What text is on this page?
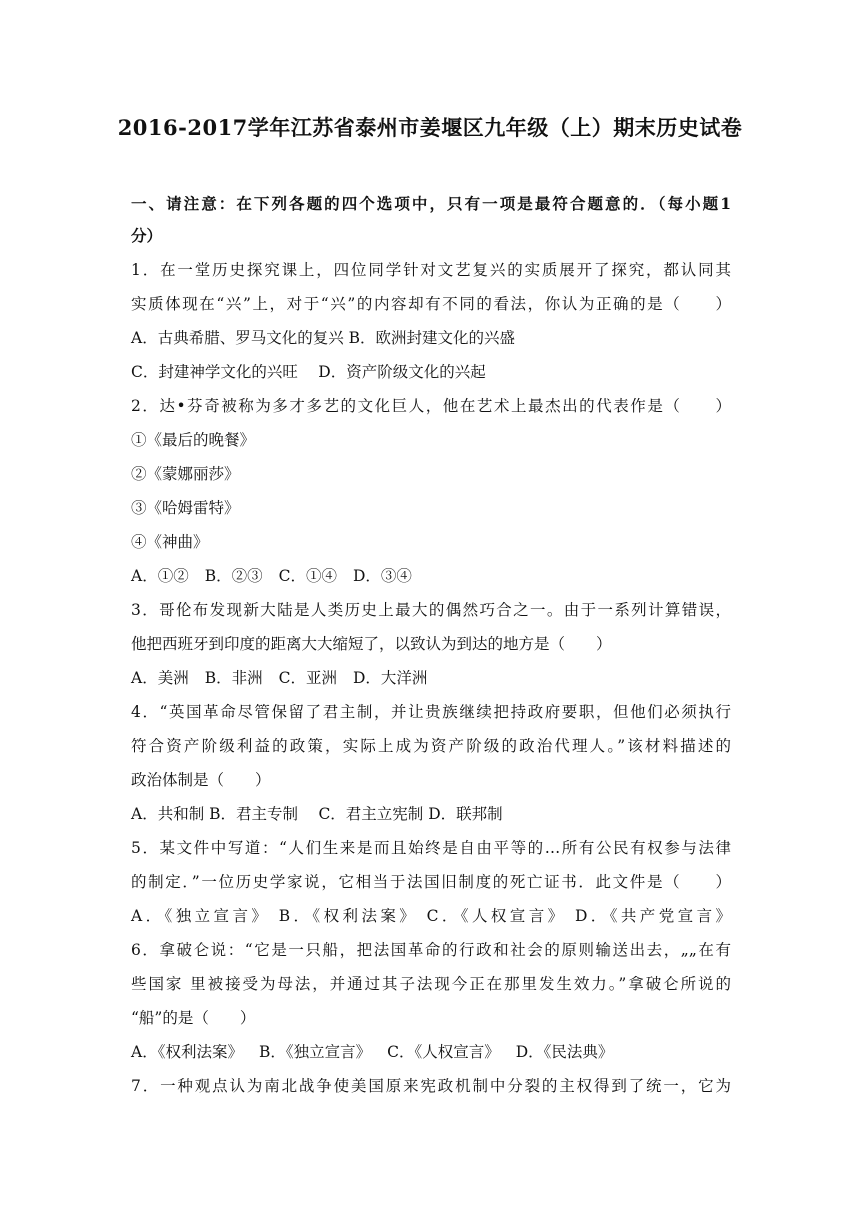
2016-2017学年江苏省泰州市姜堰区九年级（上）期末历史试卷
一、请注意：在下列各题的四个选项中，只有一项是最符合题意的．（每小题1
分）
1．在一堂历史探究课上，四位同学针对文艺复兴的实质展开了探究，都认同其
实质体现在“兴”上，对于“兴”的内容却有不同的看法，你认为正确的是（　　）
A．古典希腊、罗马文化的复兴 B．欧洲封建文化的兴盛
C．封建神学文化的兴旺　 D．资产阶级文化的兴起
2．达•芬奇被称为多才多艺的文化巨人，他在艺术上最杰出的代表作是（　　）
①《最后的晚餐》
②《蒙娜丽莎》
③《哈姆雷特》
④《神曲》
A．①② B．②③ C．①④ D．③④
3．哥伦布发现新大陆是人类历史上最大的偶然巧合之一。由于一系列计算错误，
他把西班牙到印度的距离大大缩短了，以致认为到达的地方是（　　）
A．美洲 B．非洲 C．亚洲 D．大洋洲
4．“英国革命尽管保留了君主制，并让贵族继续把持政府要职，但他们必须执行
符合资产阶级利益的政策，实际上成为资产阶级的政治代理人。”该材料描述的
政治体制是（　　）
A．共和制 B．君主专制　 C．君主立宪制 D．联邦制
5．某文件中写道：“人们生来是而且始终是自由平等的…所有公民有权参与法律
的制定．”一位历史学家说，它相当于法国旧制度的死亡证书．此文件是（　　）
A．《独立宣言》 B．《权利法案》 C．《人权宣言》 D．《共产党宣言》
6．拿破仑说：“它是一只船，把法国革命的行政和社会的原则输送出去，„„在有
些国家 里被接受为母法，并通过其子法现今正在那里发生效力。”拿破仑所说的
“船”的是（　　）
A．《权利法案》 B．《独立宣言》 C．《人权宣言》 D．《民法典》
7．一种观点认为南北战争使美国原来宪政机制中分裂的主权得到了统一，它为
